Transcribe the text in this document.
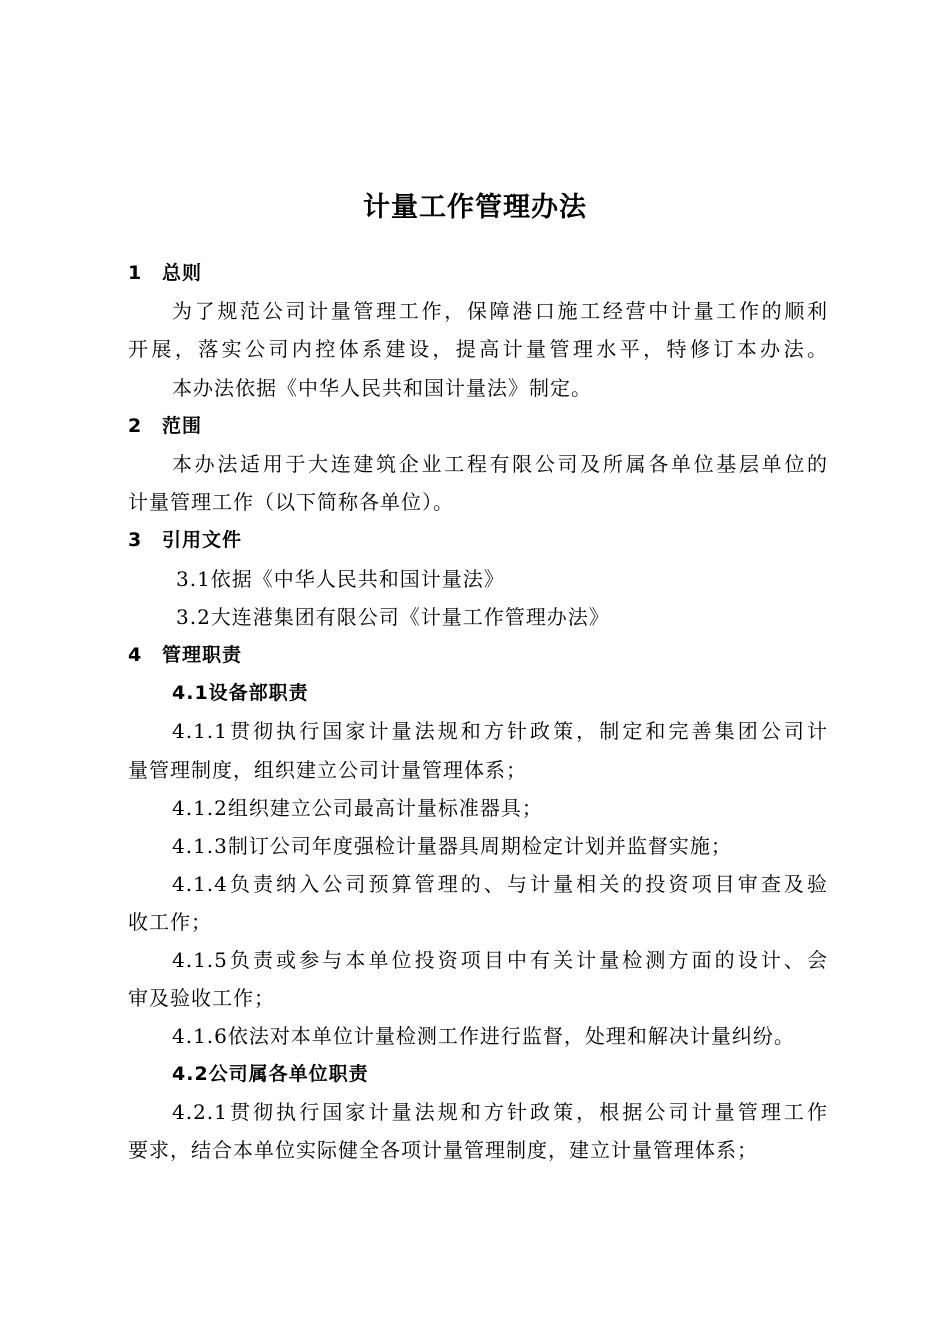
计量工作管理办法
1 总则
为了规范公司计量管理工作，保障港口施工经营中计量工作的顺利
开展，落实公司内控体系建设，提高计量管理水平，特修订本办法。
本办法依据《中华人民共和国计量法》制定。
2 范围
本办法适用于大连建筑企业工程有限公司及所属各单位基层单位的
计量管理工作（以下简称各单位）。
3 引用文件
3.1依据《中华人民共和国计量法》
3.2大连港集团有限公司《计量工作管理办法》
4 管理职责
4.1设备部职责
4.1.1贯彻执行国家计量法规和方针政策，制定和完善集团公司计
量管理制度，组织建立公司计量管理体系；
4.1.2组织建立公司最高计量标准器具；
4.1.3制订公司年度强检计量器具周期检定计划并监督实施；
4.1.4负责纳入公司预算管理的、与计量相关的投资项目审查及验
收工作；
4.1.5负责或参与本单位投资项目中有关计量检测方面的设计、会
审及验收工作；
4.1.6依法对本单位计量检测工作进行监督，处理和解决计量纠纷。
4.2公司属各单位职责
4.2.1贯彻执行国家计量法规和方针政策，根据公司计量管理工作
要求，结合本单位实际健全各项计量管理制度，建立计量管理体系；
